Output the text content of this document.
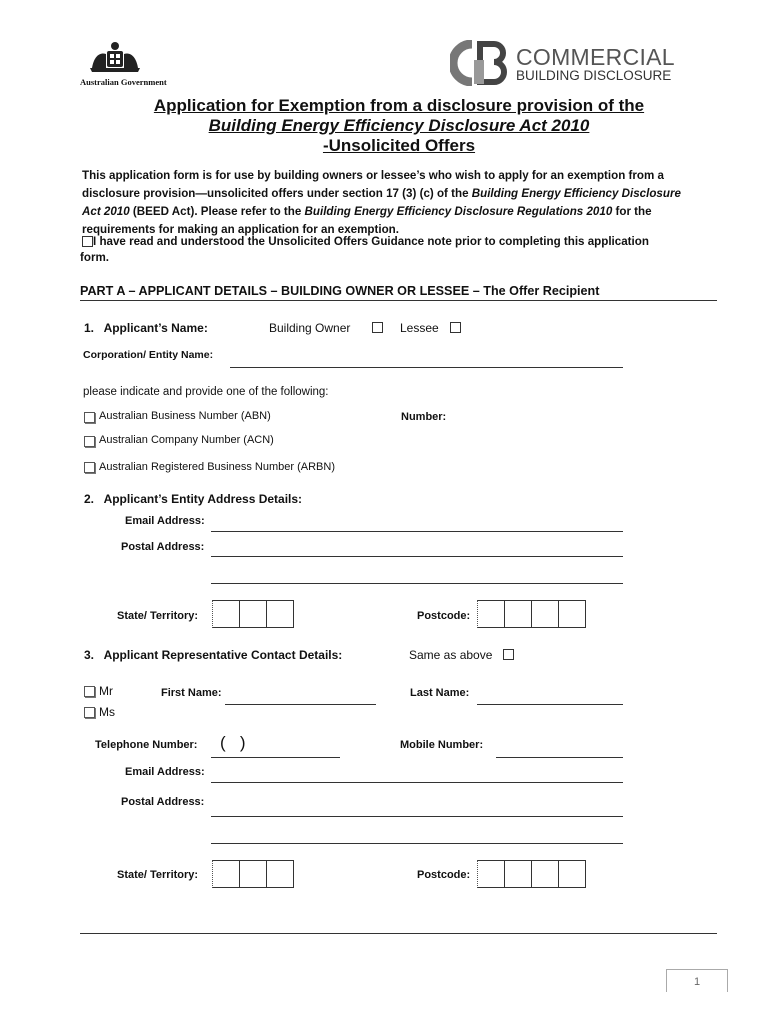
Australian Government
COMMERCIAL
BUILDING DISCLOSURE
Application for Exemption from a disclosure provision of the
Building Energy Efficiency Disclosure Act 2010
-Unsolicited Offers
This application form is for use by building owners or lessee’s who wish to apply for an exemption from a
disclosure provision—unsolicited offers under section 17 (3) (c) of the Building Energy Efficiency Disclosure
Act 2010 (BEED Act). Please refer to the Building Energy Efficiency Disclosure Regulations 2010 for the
requirements for making an application for an exemption.
I have read and understood the Unsolicited Offers Guidance note prior to completing this application
form.
PART A – APPLICANT DETAILS – BUILDING OWNER OR LESSEE – The Offer Recipient
1.   Applicant’s Name:	Building Owner	Lessee
Corporation/ Entity Name:
please indicate and provide one of the following:
Australian Business Number (ABN)	Number:
Australian Company Number (ACN)
Australian Registered Business Number (ARBN)
2.   Applicant’s Entity Address Details:
Email Address:
Postal Address:
State/ Territory:	Postcode:
3.   Applicant Representative Contact Details:	Same as above
Mr
Ms
First Name:	Last Name:
Telephone Number: (   )	Mobile Number:
Email Address:
Postal Address:
State/ Territory:	Postcode:
1
